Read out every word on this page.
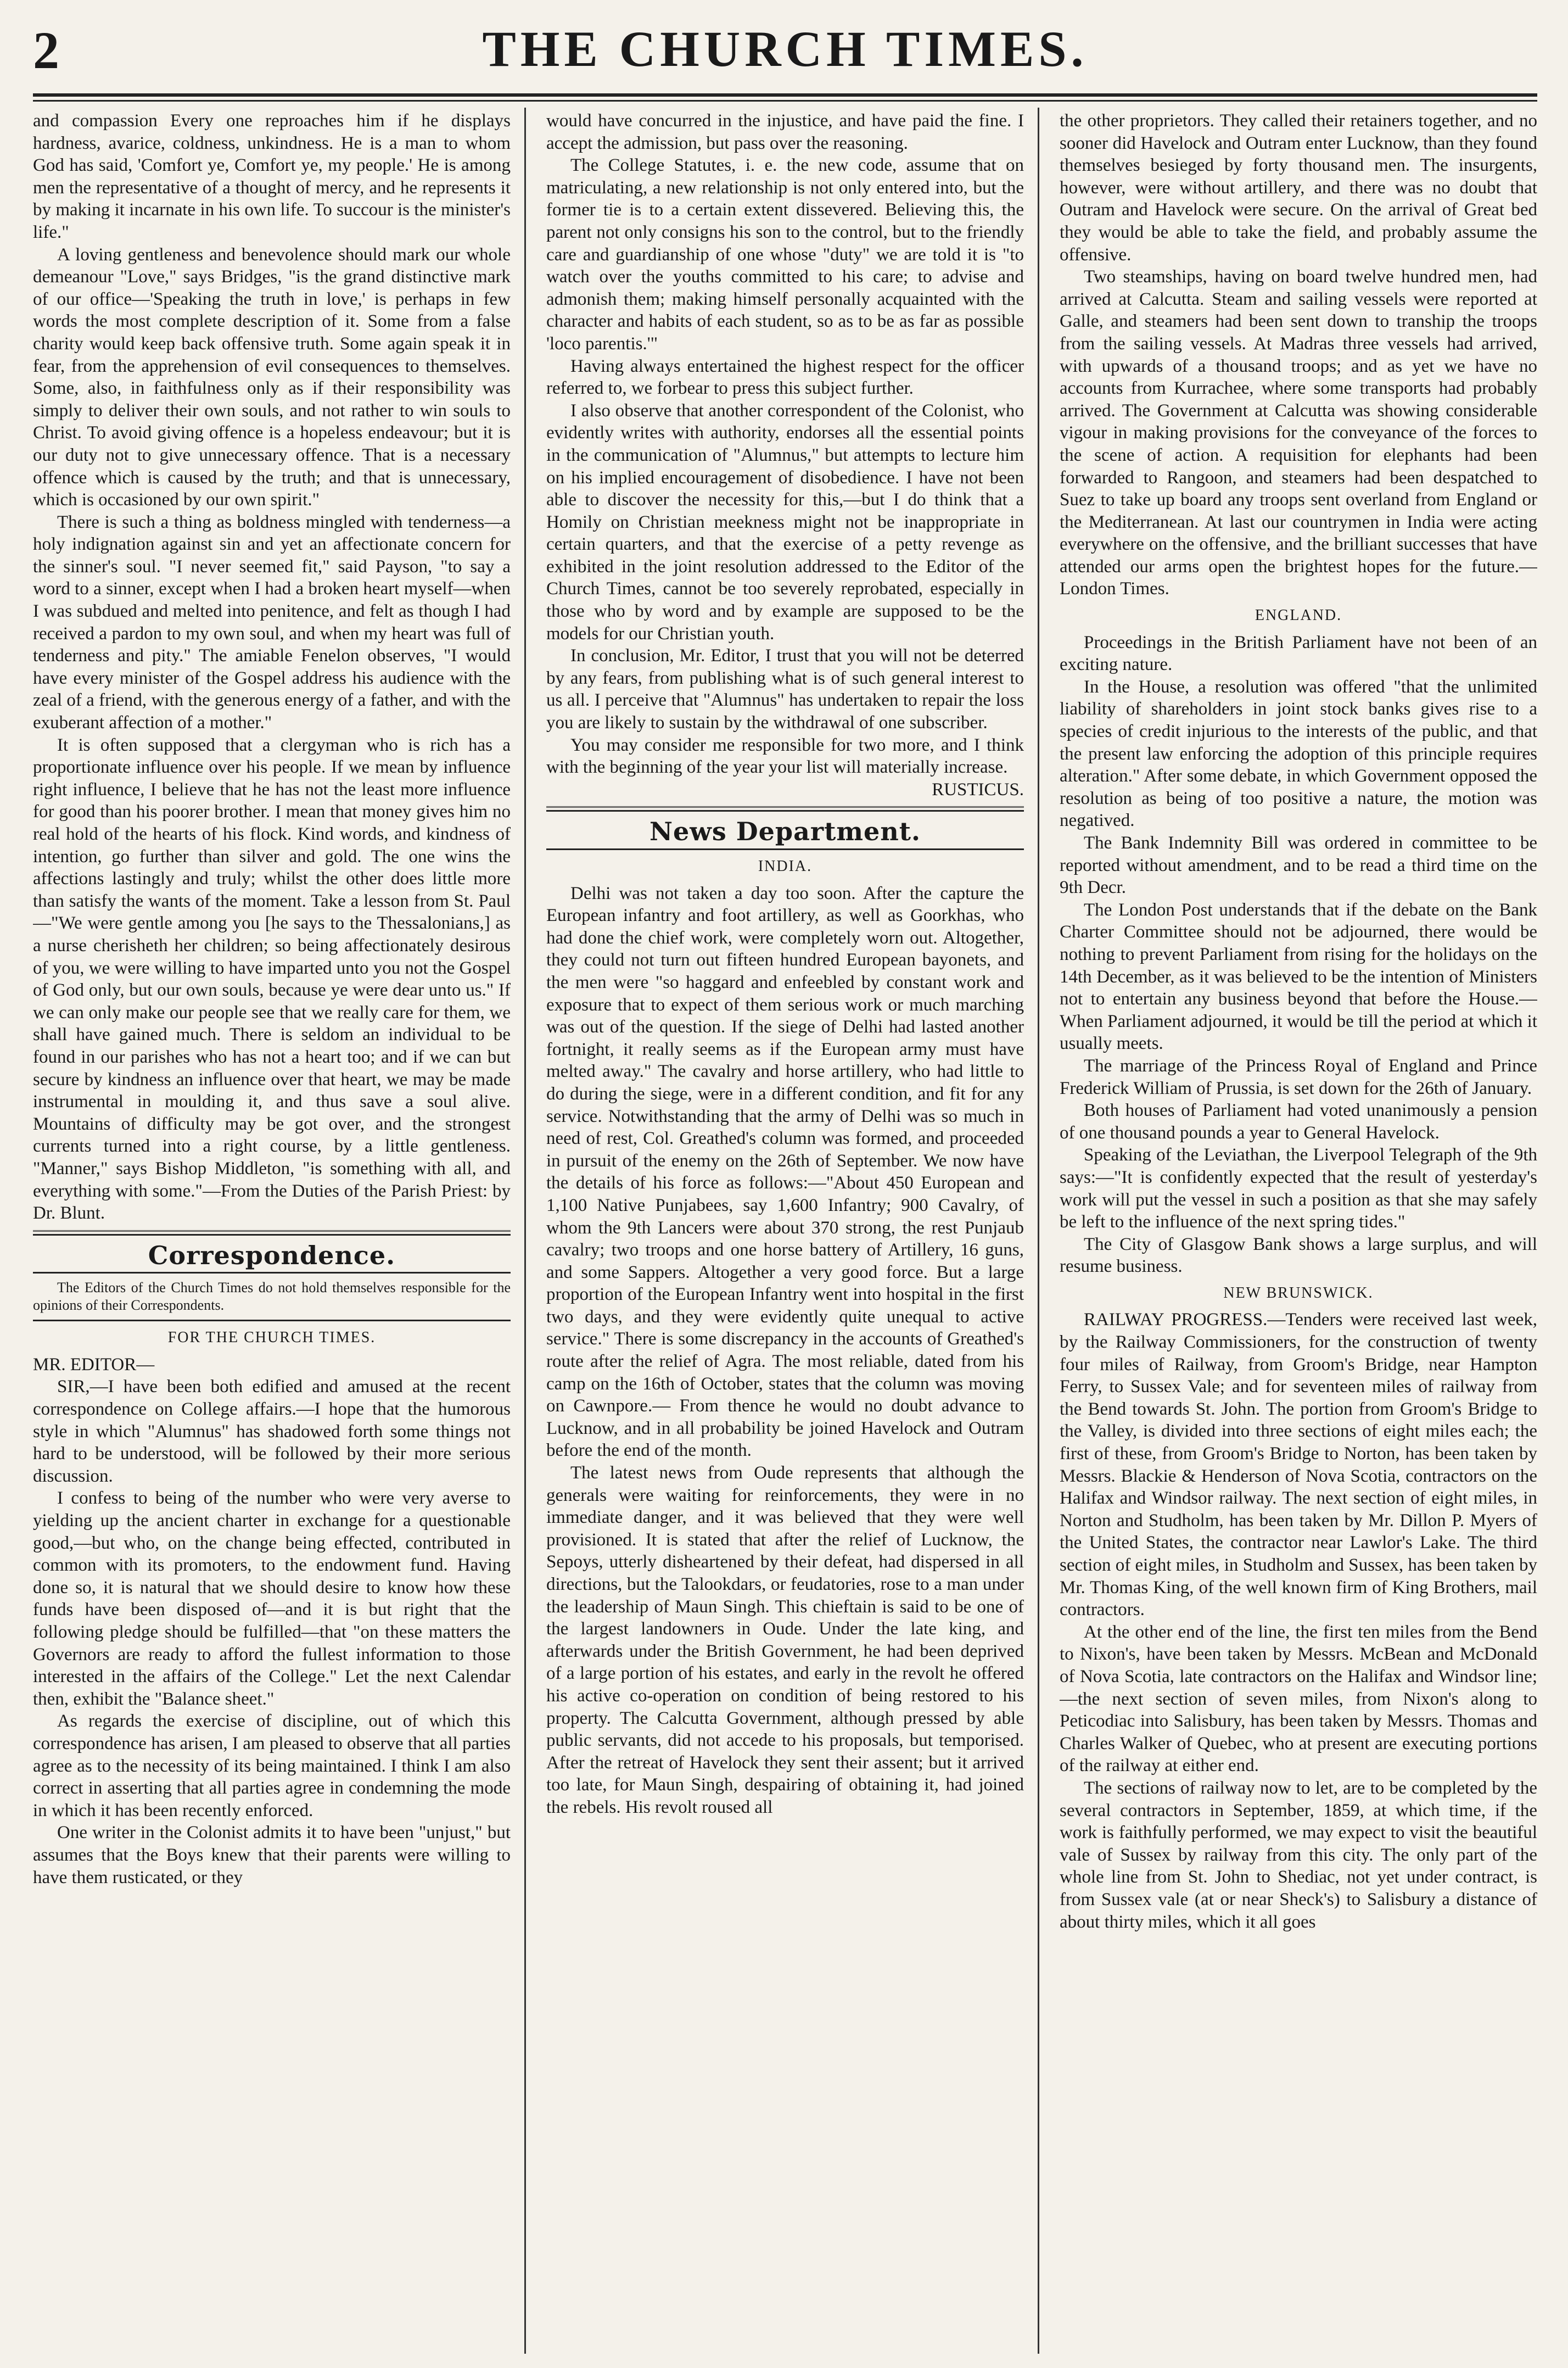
2	THE CHURCH TIMES.

and compassion Every one reproaches him if he displays hardness, avarice, coldness, unkindness. He is a man to whom God has said, 'Comfort ye, Comfort ye, my people.' He is among men the representative of a thought of mercy, and he represents it by making it incarnate in his own life. To succour is the minister's life."

A loving gentleness and benevolence should mark our whole demeanour "Love," says Bridges, "is the grand distinctive mark of our office—'Speaking the truth in love,' is perhaps in few words the most complete description of it. Some from a false charity would keep back offensive truth. Some again speak it in fear, from the apprehension of evil consequences to themselves. Some, also, in faithfulness only as if their responsibility was simply to deliver their own souls, and not rather to win souls to Christ. To avoid giving offence is a hopeless endeavour; but it is our duty not to give unnecessary offence. That is a necessary offence which is caused by the truth; and that is unnecessary, which is occasioned by our own spirit."

There is such a thing as boldness mingled with tenderness—a holy indignation against sin and yet an affectionate concern for the sinner's soul. "I never seemed fit," said Payson, "to say a word to a sinner, except when I had a broken heart myself—when I was subdued and melted into penitence, and felt as though I had received a pardon to my own soul, and when my heart was full of tenderness and pity." The amiable Fenelon observes, "I would have every minister of the Gospel address his audience with the zeal of a friend, with the generous energy of a father, and with the exuberant affection of a mother."

It is often supposed that a clergyman who is rich has a proportionate influence over his people. If we mean by influence right influence, I believe that he has not the least more influence for good than his poorer brother. I mean that money gives him no real hold of the hearts of his flock. Kind words, and kindness of intention, go further than silver and gold. The one wins the affections lastingly and truly; whilst the other does little more than satisfy the wants of the moment. Take a lesson from St. Paul—"We were gentle among you [he says to the Thessalonians,] as a nurse cherisheth her children; so being affectionately desirous of you, we were willing to have imparted unto you not the Gospel of God only, but our own souls, because ye were dear unto us." If we can only make our people see that we really care for them, we shall have gained much. There is seldom an individual to be found in our parishes who has not a heart too; and if we can but secure by kindness an influence over that heart, we may be made instrumental in moulding it, and thus save a soul alive. Mountains of difficulty may be got over, and the strongest currents turned into a right course, by a little gentleness. "Manner," says Bishop Middleton, "is something with all, and everything with some."—From the Duties of the Parish Priest: by Dr. Blunt.

Correspondence.

The Editors of the Church Times do not hold themselves responsible for the opinions of their Correspondents.

FOR THE CHURCH TIMES.

MR. EDITOR—

SIR,—I have been both edified and amused at the recent correspondence on College affairs.—I hope that the humorous style in which "Alumnus" has shadowed forth some things not hard to be understood, will be followed by their more serious discussion.

I confess to being of the number who were very averse to yielding up the ancient charter in exchange for a questionable good,—but who, on the change being effected, contributed in common with its promoters, to the endowment fund. Having done so, it is natural that we should desire to know how these funds have been disposed of—and it is but right that the following pledge should be fulfilled—that "on these matters the Governors are ready to afford the fullest information to those interested in the affairs of the College." Let the next Calendar then, exhibit the "Balance sheet."

As regards the exercise of discipline, out of which this correspondence has arisen, I am pleased to observe that all parties agree as to the necessity of its being maintained. I think I am also correct in asserting that all parties agree in condemning the mode in which it has been recently enforced.

One writer in the Colonist admits it to have been "unjust," but assumes that the Boys knew that their parents were willing to have them rusticated, or they

would have concurred in the injustice, and have paid the fine. I accept the admission, but pass over the reasoning.

The College Statutes, i. e. the new code, assume that on matriculating, a new relationship is not only entered into, but the former tie is to a certain extent dissevered. Believing this, the parent not only consigns his son to the control, but to the friendly care and guardianship of one whose "duty" we are told it is "to watch over the youths committed to his care; to advise and admonish them; making himself personally acquainted with the character and habits of each student, so as to be as far as possible 'loco parentis.'"

Having always entertained the highest respect for the officer referred to, we forbear to press this subject further.

I also observe that another correspondent of the Colonist, who evidently writes with authority, endorses all the essential points in the communication of "Alumnus," but attempts to lecture him on his implied encouragement of disobedience. I have not been able to discover the necessity for this,—but I do think that a Homily on Christian meekness might not be inappropriate in certain quarters, and that the exercise of a petty revenge as exhibited in the joint resolution addressed to the Editor of the Church Times, cannot be too severely reprobated, especially in those who by word and by example are supposed to be the models for our Christian youth.

In conclusion, Mr. Editor, I trust that you will not be deterred by any fears, from publishing what is of such general interest to us all. I perceive that "Alumnus" has undertaken to repair the loss you are likely to sustain by the withdrawal of one subscriber.

You may consider me responsible for two more, and I think with the beginning of the year your list will materially increase.

RUSTICUS.

News Department.
INDIA.

Delhi was not taken a day too soon. After the capture the European infantry and foot artillery, as well as Goorkhas, who had done the chief work, were completely worn out. Altogether, they could not turn out fifteen hundred European bayonets, and the men were "so haggard and enfeebled by constant work and exposure that to expect of them serious work or much marching was out of the question. If the siege of Delhi had lasted another fortnight, it really seems as if the European army must have melted away." The cavalry and horse artillery, who had little to do during the siege, were in a different condition, and fit for any service. Notwithstanding that the army of Delhi was so much in need of rest, Col. Greathed's column was formed, and proceeded in pursuit of the enemy on the 26th of September. We now have the details of his force as follows:—"About 450 European and 1,100 Native Punjabees, say 1,600 Infantry; 900 Cavalry, of whom the 9th Lancers were about 370 strong, the rest Punjaub cavalry; two troops and one horse battery of Artillery, 16 guns, and some Sappers. Altogether a very good force. But a large proportion of the European Infantry went into hospital in the first two days, and they were evidently quite unequal to active service." There is some discrepancy in the accounts of Greathed's route after the relief of Agra. The most reliable, dated from his camp on the 16th of October, states that the column was moving on Cawnpore.— From thence he would no doubt advance to Lucknow, and in all probability be joined Havelock and Outram before the end of the month.

The latest news from Oude represents that although the generals were waiting for reinforcements, they were in no immediate danger, and it was believed that they were well provisioned. It is stated that after the relief of Lucknow, the Sepoys, utterly disheartened by their defeat, had dispersed in all directions, but the Talookdars, or feudatories, rose to a man under the leadership of Maun Singh. This chieftain is said to be one of the largest landowners in Oude. Under the late king, and afterwards under the British Government, he had been deprived of a large portion of his estates, and early in the revolt he offered his active co-operation on condition of being restored to his property. The Calcutta Government, although pressed by able public servants, did not accede to his proposals, but temporised. After the retreat of Havelock they sent their assent; but it arrived too late, for Maun Singh, despairing of obtaining it, had joined the rebels. His revolt roused all

the other proprietors. They called their retainers together, and no sooner did Havelock and Outram enter Lucknow, than they found themselves besieged by forty thousand men. The insurgents, however, were without artillery, and there was no doubt that Outram and Havelock were secure. On the arrival of Great bed they would be able to take the field, and probably assume the offensive.

Two steamships, having on board twelve hundred men, had arrived at Calcutta. Steam and sailing vessels were reported at Galle, and steamers had been sent down to tranship the troops from the sailing vessels. At Madras three vessels had arrived, with upwards of a thousand troops; and as yet we have no accounts from Kurrachee, where some transports had probably arrived. The Government at Calcutta was showing considerable vigour in making provisions for the conveyance of the forces to the scene of action. A requisition for elephants had been forwarded to Rangoon, and steamers had been despatched to Suez to take up board any troops sent overland from England or the Mediterranean. At last our countrymen in India were acting everywhere on the offensive, and the brilliant successes that have attended our arms open the brightest hopes for the future.—London Times.

ENGLAND.

Proceedings in the British Parliament have not been of an exciting nature.

In the House, a resolution was offered "that the unlimited liability of shareholders in joint stock banks gives rise to a species of credit injurious to the interests of the public, and that the present law enforcing the adoption of this principle requires alteration." After some debate, in which Government opposed the resolution as being of too positive a nature, the motion was negatived.

The Bank Indemnity Bill was ordered in committee to be reported without amendment, and to be read a third time on the 9th Decr.

The London Post understands that if the debate on the Bank Charter Committee should not be adjourned, there would be nothing to prevent Parliament from rising for the holidays on the 14th December, as it was believed to be the intention of Ministers not to entertain any business beyond that before the House.— When Parliament adjourned, it would be till the period at which it usually meets.

The marriage of the Princess Royal of England and Prince Frederick William of Prussia, is set down for the 26th of January.

Both houses of Parliament had voted unanimously a pension of one thousand pounds a year to General Havelock.

Speaking of the Leviathan, the Liverpool Telegraph of the 9th says:—"It is confidently expected that the result of yesterday's work will put the vessel in such a position as that she may safely be left to the influence of the next spring tides."

The City of Glasgow Bank shows a large surplus, and will resume business.

NEW BRUNSWICK.

RAILWAY PROGRESS.—Tenders were received last week, by the Railway Commissioners, for the construction of twenty four miles of Railway, from Groom's Bridge, near Hampton Ferry, to Sussex Vale; and for seventeen miles of railway from the Bend towards St. John. The portion from Groom's Bridge to the Valley, is divided into three sections of eight miles each; the first of these, from Groom's Bridge to Norton, has been taken by Messrs. Blackie & Henderson of Nova Scotia, contractors on the Halifax and Windsor railway. The next section of eight miles, in Norton and Studholm, has been taken by Mr. Dillon P. Myers of the United States, the contractor near Lawlor's Lake. The third section of eight miles, in Studholm and Sussex, has been taken by Mr. Thomas King, of the well known firm of King Brothers, mail contractors.

At the other end of the line, the first ten miles from the Bend to Nixon's, have been taken by Messrs. McBean and McDonald of Nova Scotia, late contractors on the Halifax and Windsor line;—the next section of seven miles, from Nixon's along to Peticodiac into Salisbury, has been taken by Messrs. Thomas and Charles Walker of Quebec, who at present are executing portions of the railway at either end.

The sections of railway now to let, are to be completed by the several contractors in September, 1859, at which time, if the work is faithfully performed, we may expect to visit the beautiful vale of Sussex by railway from this city. The only part of the whole line from St. John to Shediac, not yet under contract, is from Sussex vale (at or near Sheck's) to Salisbury a distance of about thirty miles, which it all goes
